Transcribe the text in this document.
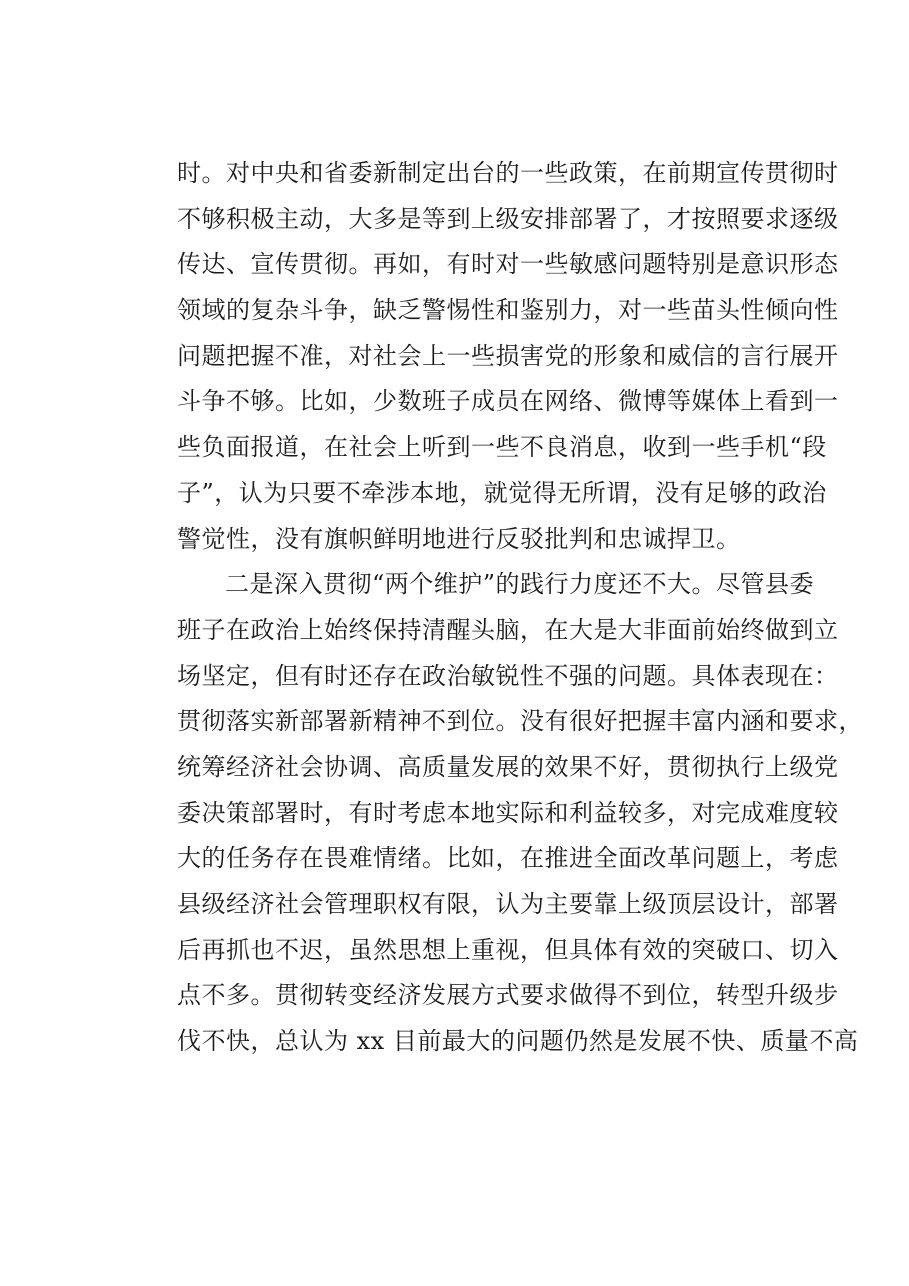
时。对中央和省委新制定出台的一些政策，在前期宣传贯彻时
不够积极主动，大多是等到上级安排部署了，才按照要求逐级
传达、宣传贯彻。再如，有时对一些敏感问题特别是意识形态
领域的复杂斗争，缺乏警惕性和鉴别力，对一些苗头性倾向性
问题把握不准，对社会上一些损害党的形象和威信的言行展开
斗争不够。比如，少数班子成员在网络、微博等媒体上看到一
些负面报道，在社会上听到一些不良消息，收到一些手机“段
子”，认为只要不牵涉本地，就觉得无所谓，没有足够的政治
警觉性，没有旗帜鲜明地进行反驳批判和忠诚捍卫。
二是深入贯彻“两个维护”的践行力度还不大。尽管县委
班子在政治上始终保持清醒头脑，在大是大非面前始终做到立
场坚定，但有时还存在政治敏锐性不强的问题。具体表现在：
贯彻落实新部署新精神不到位。没有很好把握丰富内涵和要求，
统筹经济社会协调、高质量发展的效果不好，贯彻执行上级党
委决策部署时，有时考虑本地实际和利益较多，对完成难度较
大的任务存在畏难情绪。比如，在推进全面改革问题上，考虑
县级经济社会管理职权有限，认为主要靠上级顶层设计，部署
后再抓也不迟，虽然思想上重视，但具体有效的突破口、切入
点不多。贯彻转变经济发展方式要求做得不到位，转型升级步
伐不快，总认为 xx 目前最大的问题仍然是发展不快、质量不高
